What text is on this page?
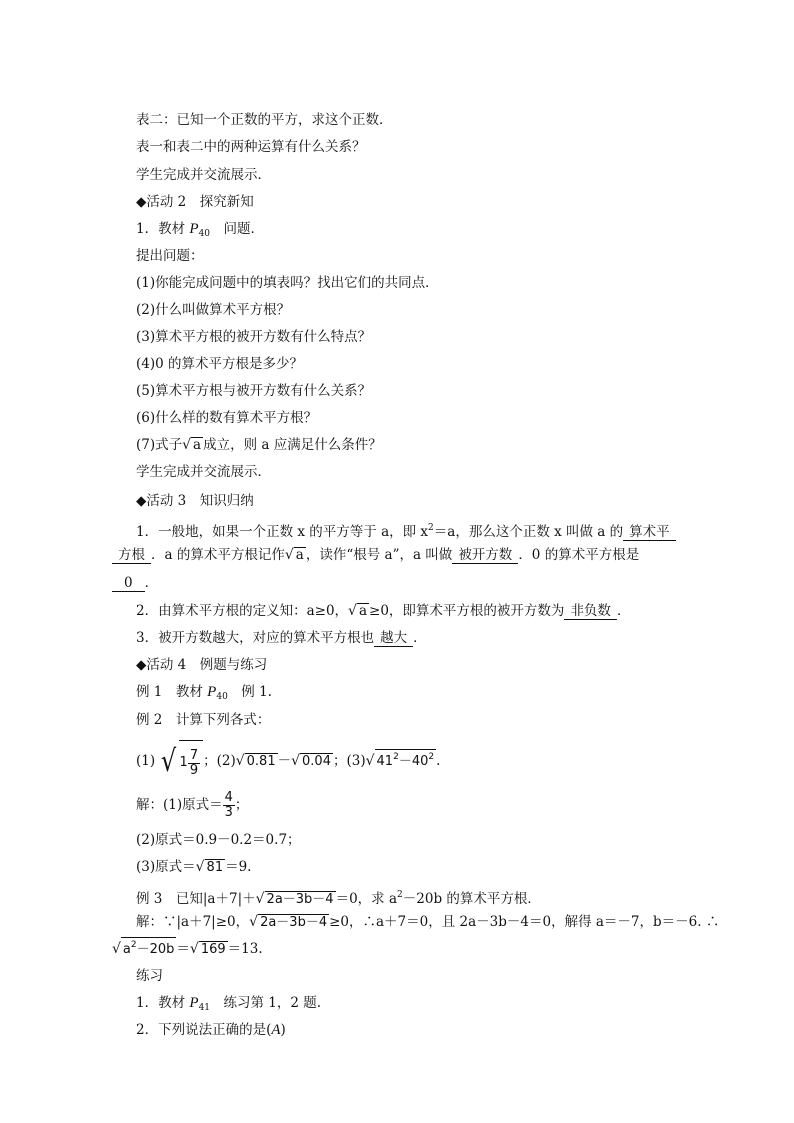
表二：已知一个正数的平方，求这个正数．
表一和表二中的两种运算有什么关系？
学生完成并交流展示．
◆活动 2　探究新知
1．教材 $P_{40}$　问题．
提出问题：
(1)你能完成问题中的填表吗？找出它们的共同点．
(2)什么叫做算术平方根？
(3)算术平方根的被开方数有什么特点？
(4)0 的算术平方根是多少？
(5)算术平方根与被开方数有什么关系？
(6)什么样的数有算术平方根？
(7)式子√ a 成立，则 a 应满足什么条件？
学生完成并交流展示．
◆活动 3　知识归纳
1．一般地，如果一个正数 x 的平方等于 a，即 $x^2=a$，那么这个正数 x 叫做 a 的 算术平
方根 ．a 的算术平方根记作√ a ，读作“根号 a”，a 叫做 被开方数 ．0 的算术平方根是
0 ．
2．由算术平方根的定义知：a≥0，√ a ≥0，即算术平方根的被开方数为 非负数 ．
3．被开方数越大，对应的算术平方根也 越大 ．
◆活动 4　例题与练习
例 1　教材 $P_{40}$　例 1.
例 2　计算下列各式：
(1) √ $1 \frac{7}{9}$ ；(2)√ 0.81 －√ 0.04 ；(3)√ $41^2-40^2$ .
解：(1)原式＝ $\frac{4}{3}$ ；
(2)原式＝0.9－0.2＝0.7；
(3)原式＝√ 81 ＝9.
例 3　已知|a＋7|＋√ 2a－3b－4 ＝0，求 $a^2-20b$ 的算术平方根．
解：∵|a＋7|≥0，√ 2a－3b－4 ≥0，∴a＋7＝0，且 2a－3b－4＝0，解得 a＝－7，b＝－6. ∴
√ $a^2-20b$ ＝√ 169 ＝13.
练习
1．教材 $P_{41}$　练习第 1，2 题.
2．下列说法正确的是(A)
